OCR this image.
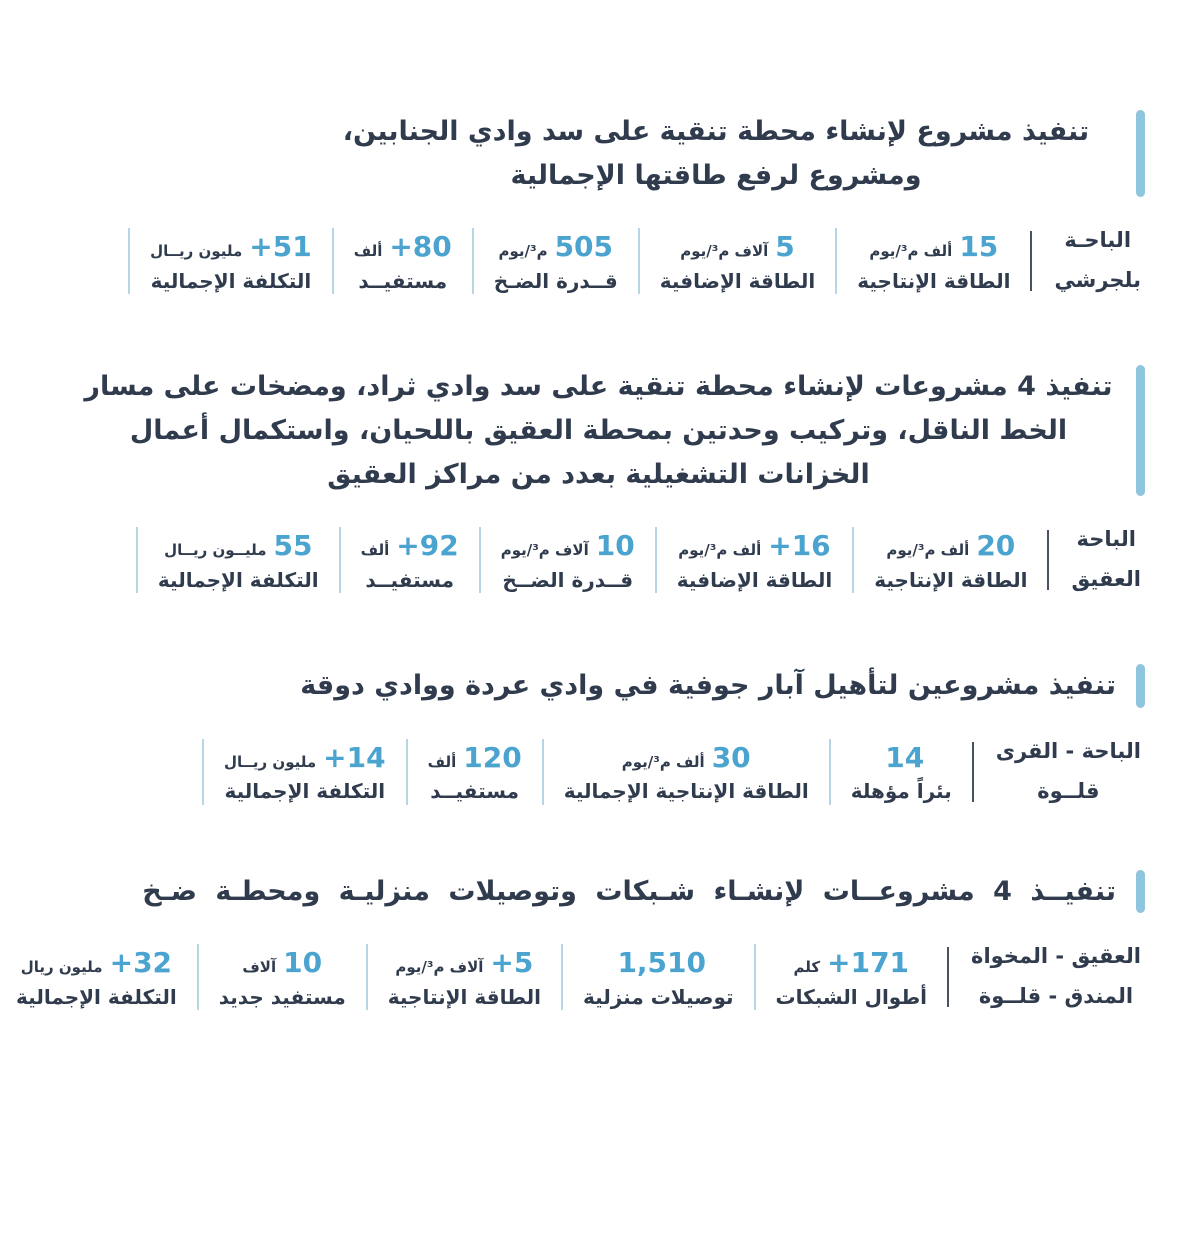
تنفيذ مشروع لإنشاء محطة تنقية على سد وادي الجنابين، ومشروع لرفع طاقتها الإجمالية
الباحـة
بلجرشي
15ألف م³/يوم
الطاقة الإنتاجية
5آلاف م³/يوم
الطاقة الإضافية
505م³/يوم
قــدرة الضـخ
+80ألف
مستفيــد
+51مليون ريــال
التكلفة الإجمالية
تنفيذ 4 مشروعات لإنشاء محطة تنقية على سد وادي ثراد، ومضخات على مسار الخط الناقل، وتركيب وحدتين بمحطة العقيق باللحيان، واستكمال أعمال الخزانات التشغيلية بعدد من مراكز العقيق
الباحة
العقيق
20ألف م³/يوم
الطاقة الإنتاجية
+16ألف م³/يوم
الطاقة الإضافية
10آلاف م³/يوم
قــدرة الضــخ
+92ألف
مستفيــد
55مليــون ريــال
التكلفة الإجمالية
تنفيذ مشروعين لتأهيل آبار جوفية في وادي عردة ووادي دوقة
الباحة - القرى
قلــوة
14
بئراً مؤهلة
30ألف م³/يوم
الطاقة الإنتاجية الإجمالية
120ألف
مستفيــد
+14مليون ريــال
التكلفة الإجمالية
تنفيــذ 4 مشروعــات لإنشـاء شـبكات وتوصيلات منزليـة ومحطـة ضـخ
العقيق - المخواة
المندق - قلــوة
+171كلم
أطوال الشبكات
1,510
توصيلات منزلية
+5آلاف م³/يوم
الطاقة الإنتاجية
10آلاف
مستفيد جديد
+32مليون ريال
التكلفة الإجمالية
